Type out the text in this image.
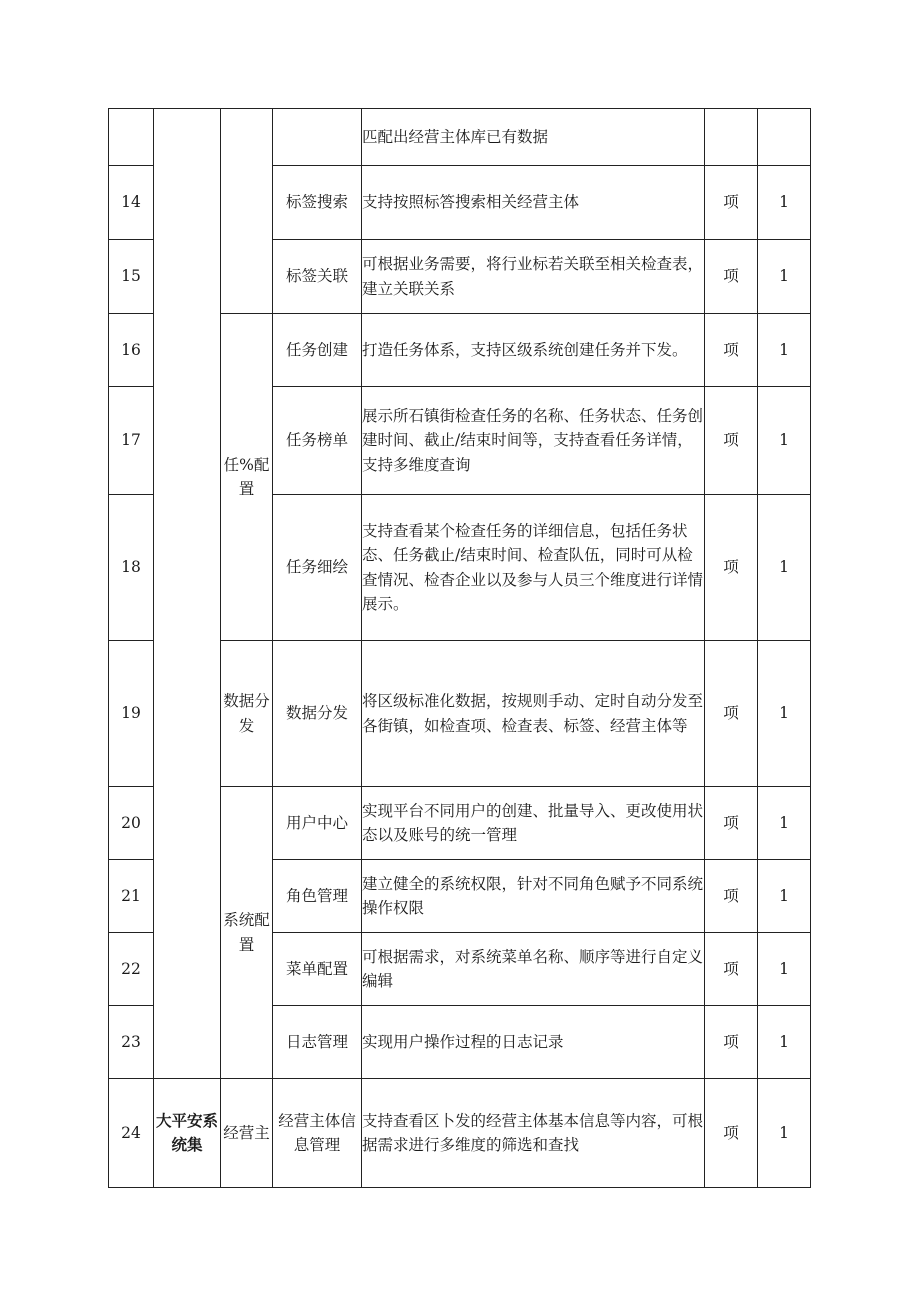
				匹配出经营主体库已有数据		
14			标签搜索	支持按照标答搜索相关经营主体	项	1
15			标签关联	可根据业务需要，将行业标若关联至相关检查表，建立关联关系	项	1
16		任%配置	任务创建	打造任务体系，支持区级系统创建任务并下发。	项	1
17			任务榜单	展示所石镇街检查任务的名称、任务状态、任务创建时间、截止/结束时间等，支持查看任务详情，支持多维度查询	项	1
18			任务细绘	支持查看某个检查任务的详细信息，包括任务状态、任务截止/结束时间、检查队伍，同时可从检查情况、检杳企业以及参与人员三个维度进行详情展示。	项	1
19		数据分发	数据分发	将区级标准化数据，按规则手动、定时自动分发至各街镇，如检查项、检查表、标签、经营主体等	项	1
20		系统配置	用户中心	实现平台不同用户的创建、批量导入、更改使用状态以及账号的统一管理	项	1
21			角色管理	建立健全的系统权限，针对不同角色赋予不同系统操作权限	项	1
22			菜单配置	可根据需求，对系统菜单名称、顺序等进行自定义编辑	项	1
23			日志管理	实现用户操作过程的日志记录	项	1
24	大平安系统集	经营主	经营主体信息管理	支持查看区卜发的经营主体基本信息等内容，可根据需求进行多维度的筛选和查找	项	1
